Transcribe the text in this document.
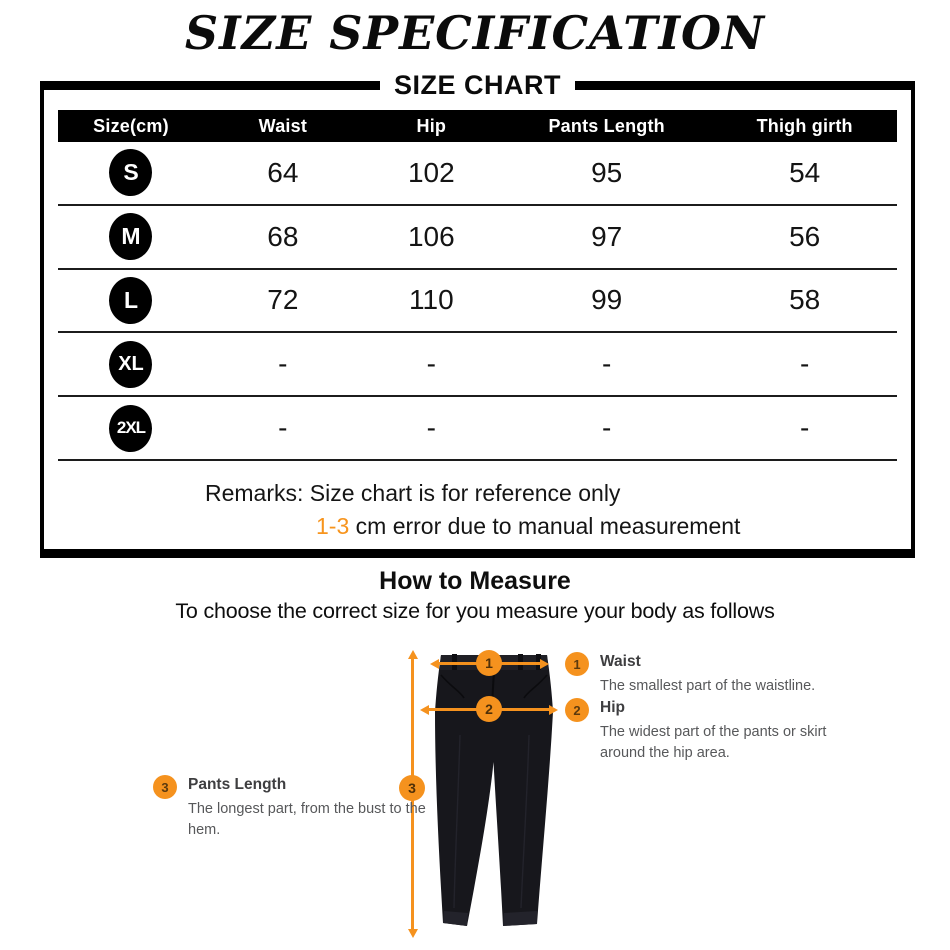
SIZE SPECIFICATION
SIZE CHART
Size(cm)	Waist	Hip	Pants Length	Thigh girth
S	64	102	95	54
M	68	106	97	56
L	72	110	99	58
XL	-	-	-	-
2XL	-	-	-	-
Remarks: Size chart is for reference only
1-3 cm error due to manual measurement
How to Measure
To choose the correct size for you measure your body as follows
3
1
2
1	Waist

The smallest part of the waistline.

2	Hip

The widest part of the pants or skirt around the hip area.

3	Pants Length

The longest part, from the bust to the hem.
